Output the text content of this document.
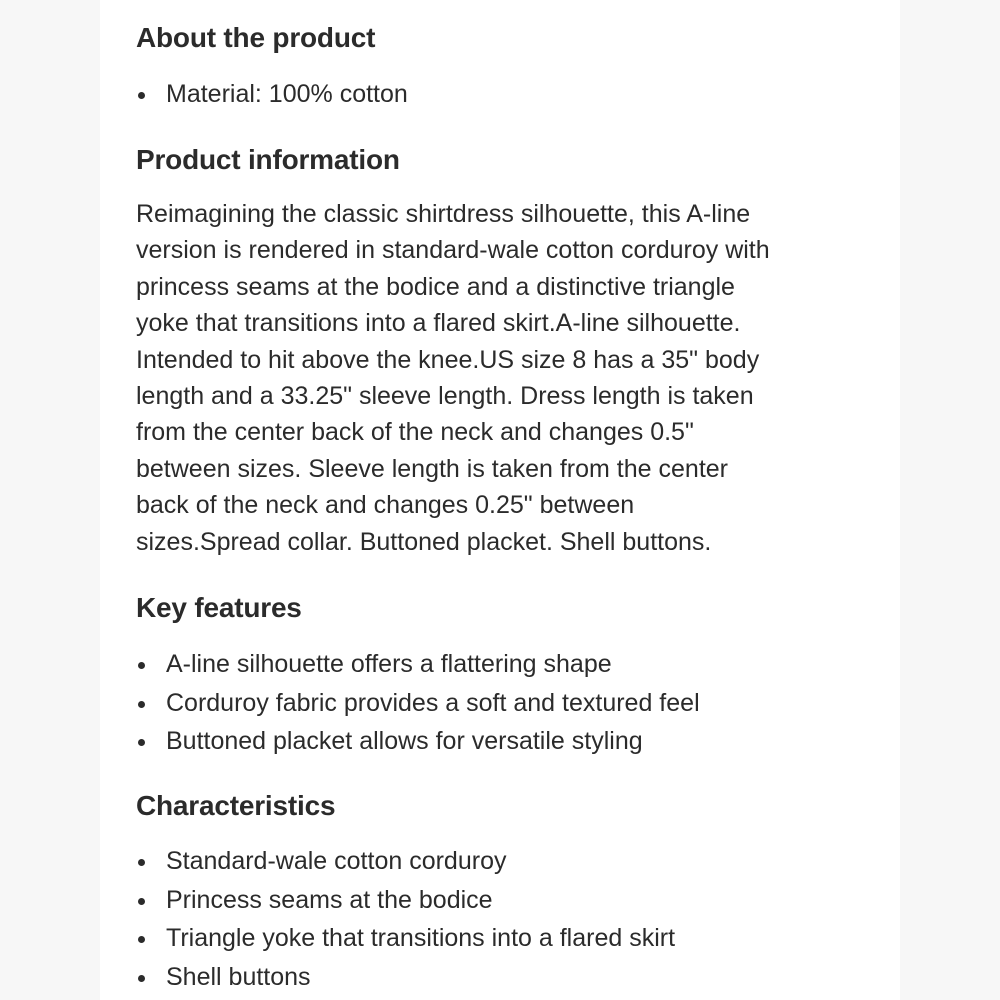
About the product
Material: 100% cotton
Product information

Reimagining the classic shirtdress silhouette, this A-line
version is rendered in standard-wale cotton corduroy with
princess seams at the bodice and a distinctive triangle
yoke that transitions into a flared skirt.A-line silhouette.
Intended to hit above the knee.US size 8 has a 35" body
length and a 33.25" sleeve length. Dress length is taken
from the center back of the neck and changes 0.5"
between sizes. Sleeve length is taken from the center
back of the neck and changes 0.25" between
sizes.Spread collar. Buttoned placket. Shell buttons.

Key features
A-line silhouette offers a flattering shape
Corduroy fabric provides a soft and textured feel
Buttoned placket allows for versatile styling
Characteristics
Standard-wale cotton corduroy
Princess seams at the bodice
Triangle yoke that transitions into a flared skirt
Shell buttons
